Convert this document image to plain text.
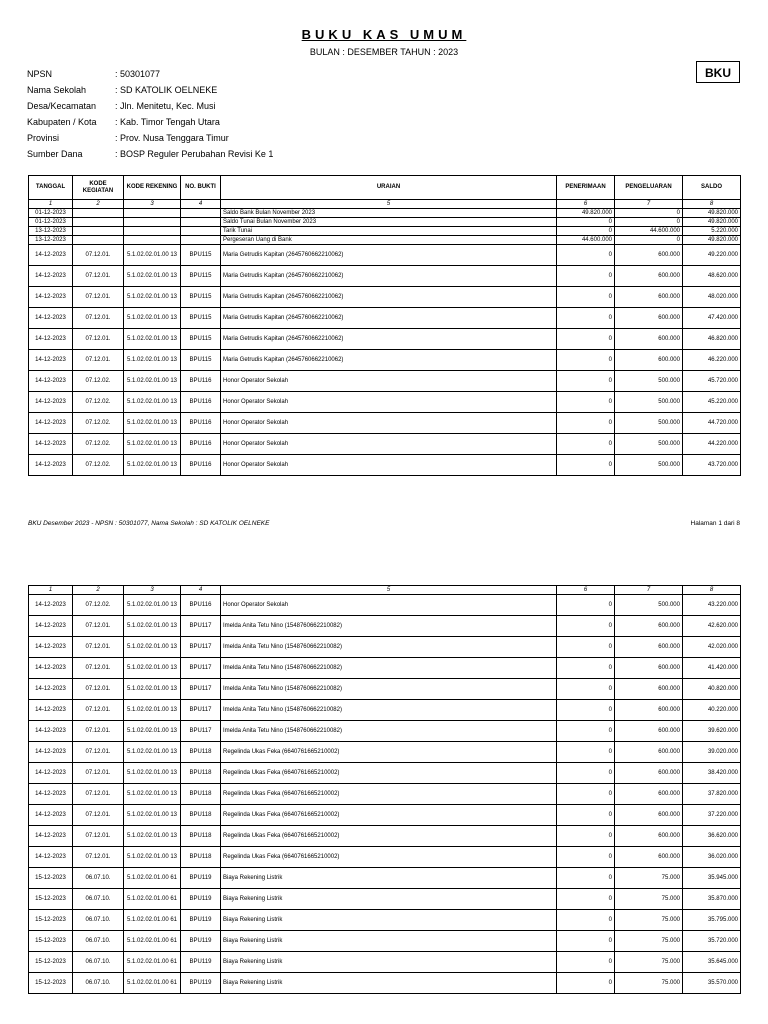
BUKU KAS UMUM
BULAN : DESEMBER TAHUN : 2023
BKU
NPSN	: 50301077
Nama Sekolah	: SD KATOLIK OELNEKE
Desa/Kecamatan	: Jln. Menitetu, Kec. Musi
Kabupaten / Kota	: Kab. Timor Tengah Utara
Provinsi	: Prov. Nusa Tenggara Timur
Sumber Dana	: BOSP Reguler Perubahan Revisi Ke 1
TANGGAL	KODE KEGIATAN	KODE REKENING	NO. BUKTI	URAIAN	PENERIMAAN	PENGELUARAN	SALDO
1	2	3	4	5	6	7	8
01-12-2023				Saldo Bank Bulan November 2023	49.820.000	0	49.820.000
01-12-2023				Saldo Tunai Bulan November 2023	0	0	49.820.000
13-12-2023				Tarik Tunai	0	44.600.000	5.220.000
13-12-2023				Pergeseran Uang di Bank	44.600.000	0	49.820.000
14-12-2023	07.12.01.	5.1.02.02.01.00 13	BPU115	Maria Getrudis Kapitan (2645760662210062)	0	600.000	49.220.000
14-12-2023	07.12.01.	5.1.02.02.01.00 13	BPU115	Maria Getrudis Kapitan (2645760662210062)	0	600.000	48.620.000
14-12-2023	07.12.01.	5.1.02.02.01.00 13	BPU115	Maria Getrudis Kapitan (2645760662210062)	0	600.000	48.020.000
14-12-2023	07.12.01.	5.1.02.02.01.00 13	BPU115	Maria Getrudis Kapitan (2645760662210062)	0	600.000	47.420.000
14-12-2023	07.12.01.	5.1.02.02.01.00 13	BPU115	Maria Getrudis Kapitan (2645760662210062)	0	600.000	46.820.000
14-12-2023	07.12.01.	5.1.02.02.01.00 13	BPU115	Maria Getrudis Kapitan (2645760662210062)	0	600.000	46.220.000
14-12-2023	07.12.02.	5.1.02.02.01.00 13	BPU116	Honor Operator Sekolah	0	500.000	45.720.000
14-12-2023	07.12.02.	5.1.02.02.01.00 13	BPU116	Honor Operator Sekolah	0	500.000	45.220.000
14-12-2023	07.12.02.	5.1.02.02.01.00 13	BPU116	Honor Operator Sekolah	0	500.000	44.720.000
14-12-2023	07.12.02.	5.1.02.02.01.00 13	BPU116	Honor Operator Sekolah	0	500.000	44.220.000
14-12-2023	07.12.02.	5.1.02.02.01.00 13	BPU116	Honor Operator Sekolah	0	500.000	43.720.000
BKU Desember 2023 - NPSN : 50301077, Nama Sekolah : SD KATOLIK OELNEKE	Halaman 1 dari 8
1	2	3	4	5	6	7	8
14-12-2023	07.12.02.	5.1.02.02.01.00 13	BPU116	Honor Operator Sekolah	0	500.000	43.220.000
14-12-2023	07.12.01.	5.1.02.02.01.00 13	BPU117	Imelda Anita Tetu Nino (1548760662210082)	0	600.000	42.620.000
14-12-2023	07.12.01.	5.1.02.02.01.00 13	BPU117	Imelda Anita Tetu Nino (1548760662210082)	0	600.000	42.020.000
14-12-2023	07.12.01.	5.1.02.02.01.00 13	BPU117	Imelda Anita Tetu Nino (1548760662210082)	0	600.000	41.420.000
14-12-2023	07.12.01.	5.1.02.02.01.00 13	BPU117	Imelda Anita Tetu Nino (1548760662210082)	0	600.000	40.820.000
14-12-2023	07.12.01.	5.1.02.02.01.00 13	BPU117	Imelda Anita Tetu Nino (1548760662210082)	0	600.000	40.220.000
14-12-2023	07.12.01.	5.1.02.02.01.00 13	BPU117	Imelda Anita Tetu Nino (1548760662210082)	0	600.000	39.620.000
14-12-2023	07.12.01.	5.1.02.02.01.00 13	BPU118	Regelinda Ukas Feka (6640761665210002)	0	600.000	39.020.000
14-12-2023	07.12.01.	5.1.02.02.01.00 13	BPU118	Regelinda Ukas Feka (6640761665210002)	0	600.000	38.420.000
14-12-2023	07.12.01.	5.1.02.02.01.00 13	BPU118	Regelinda Ukas Feka (6640761665210002)	0	600.000	37.820.000
14-12-2023	07.12.01.	5.1.02.02.01.00 13	BPU118	Regelinda Ukas Feka (6640761665210002)	0	600.000	37.220.000
14-12-2023	07.12.01.	5.1.02.02.01.00 13	BPU118	Regelinda Ukas Feka (6640761665210002)	0	600.000	36.620.000
14-12-2023	07.12.01.	5.1.02.02.01.00 13	BPU118	Regelinda Ukas Feka (6640761665210002)	0	600.000	36.020.000
15-12-2023	06.07.10.	5.1.02.02.01.00 61	BPU119	Biaya Rekening Listrik	0	75.000	35.945.000
15-12-2023	06.07.10.	5.1.02.02.01.00 61	BPU119	Biaya Rekening Listrik	0	75.000	35.870.000
15-12-2023	06.07.10.	5.1.02.02.01.00 61	BPU119	Biaya Rekening Listrik	0	75.000	35.795.000
15-12-2023	06.07.10.	5.1.02.02.01.00 61	BPU119	Biaya Rekening Listrik	0	75.000	35.720.000
15-12-2023	06.07.10.	5.1.02.02.01.00 61	BPU119	Biaya Rekening Listrik	0	75.000	35.645.000
15-12-2023	06.07.10.	5.1.02.02.01.00 61	BPU119	Biaya Rekening Listrik	0	75.000	35.570.000
